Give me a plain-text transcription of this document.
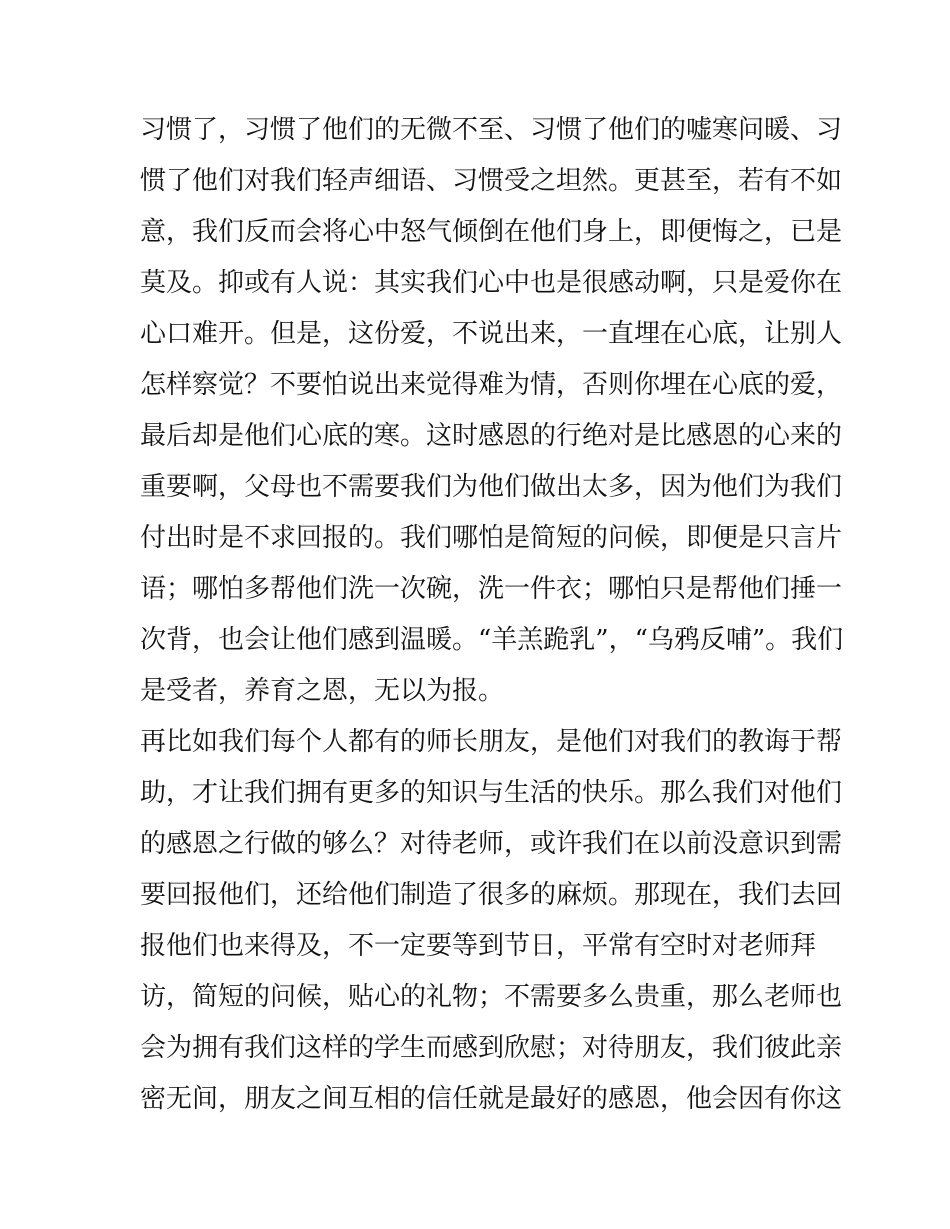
习惯了，习惯了他们的无微不至、习惯了他们的嘘寒问暖、习
惯了他们对我们轻声细语、习惯受之坦然。更甚至，若有不如
意，我们反而会将心中怒气倾倒在他们身上，即便悔之，已是
莫及。抑或有人说：其实我们心中也是很感动啊，只是爱你在
心口难开。但是，这份爱，不说出来，一直埋在心底，让别人
怎样察觉？不要怕说出来觉得难为情，否则你埋在心底的爱，
最后却是他们心底的寒。这时感恩的行绝对是比感恩的心来的
重要啊，父母也不需要我们为他们做出太多，因为他们为我们
付出时是不求回报的。我们哪怕是简短的问候，即便是只言片
语；哪怕多帮他们洗一次碗，洗一件衣；哪怕只是帮他们捶一
次背，也会让他们感到温暖。“羊羔跪乳”，“乌鸦反哺”。我们
是受者，养育之恩，无以为报。
再比如我们每个人都有的师长朋友，是他们对我们的教诲于帮
助，才让我们拥有更多的知识与生活的快乐。那么我们对他们
的感恩之行做的够么？对待老师，或许我们在以前没意识到需
要回报他们，还给他们制造了很多的麻烦。那现在，我们去回
报他们也来得及，不一定要等到节日，平常有空时对老师拜
访，简短的问候，贴心的礼物；不需要多么贵重，那么老师也
会为拥有我们这样的学生而感到欣慰；对待朋友，我们彼此亲
密无间，朋友之间互相的信任就是最好的感恩，他会因有你这
